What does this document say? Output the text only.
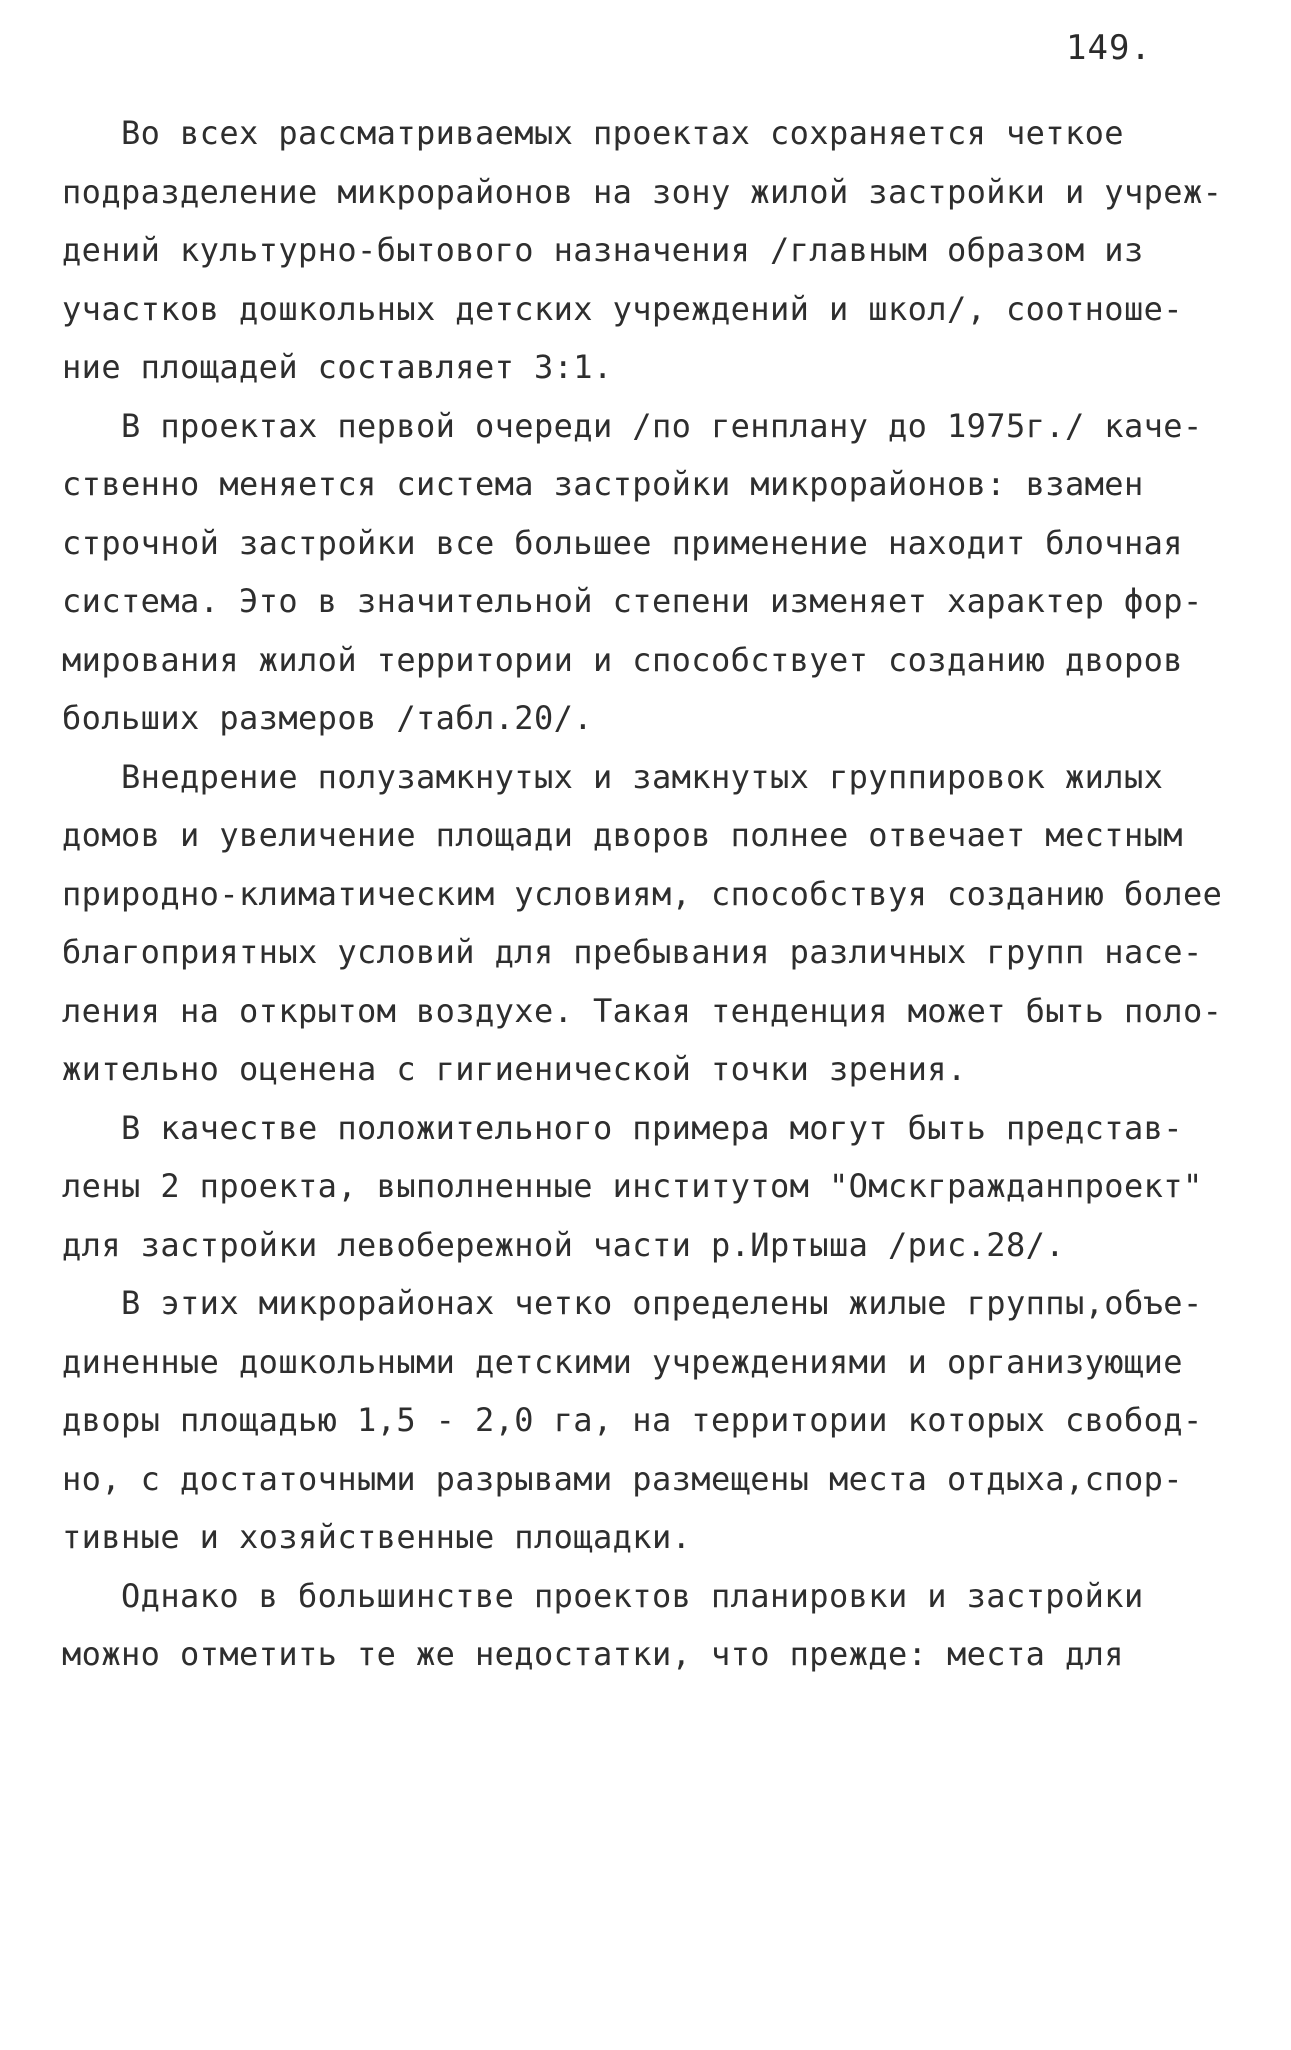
149.
Во всех рассматриваемых проектах сохраняется четкое
подразделение микрорайонов на зону жилой застройки и учреж-
дений культурно-бытового назначения /главным образом из
участков дошкольных детских учреждений и школ/, соотноше-
ние площадей составляет 3:1.
В проектах первой очереди /по генплану до 1975г./ каче-
ственно меняется система застройки микрорайонов: взамен
строчной застройки все большее применение находит блочная
система. Это в значительной степени изменяет характер фор-
мирования жилой территории и способствует созданию дворов
больших размеров /табл.20/.
Внедрение полузамкнутых и замкнутых группировок жилых
домов и увеличение площади дворов полнее отвечает местным
природно-климатическим условиям, способствуя созданию более
благоприятных условий для пребывания различных групп насе-
ления на открытом воздухе. Такая тенденция может быть поло-
жительно оценена с гигиенической точки зрения.
В качестве положительного примера могут быть представ-
лены 2 проекта, выполненные институтом "Омскгражданпроект"
для застройки левобережной части р.Иртыша /рис.28/.
В этих микрорайонах четко определены жилые группы,объе-
диненные дошкольными детскими учреждениями и организующие
дворы площадью 1,5 - 2,0 га, на территории которых свобод-
но, с достаточными разрывами размещены места отдыха,спор-
тивные и хозяйственные площадки.
Однако в большинстве проектов планировки и застройки
можно отметить те же недостатки, что прежде: места для
